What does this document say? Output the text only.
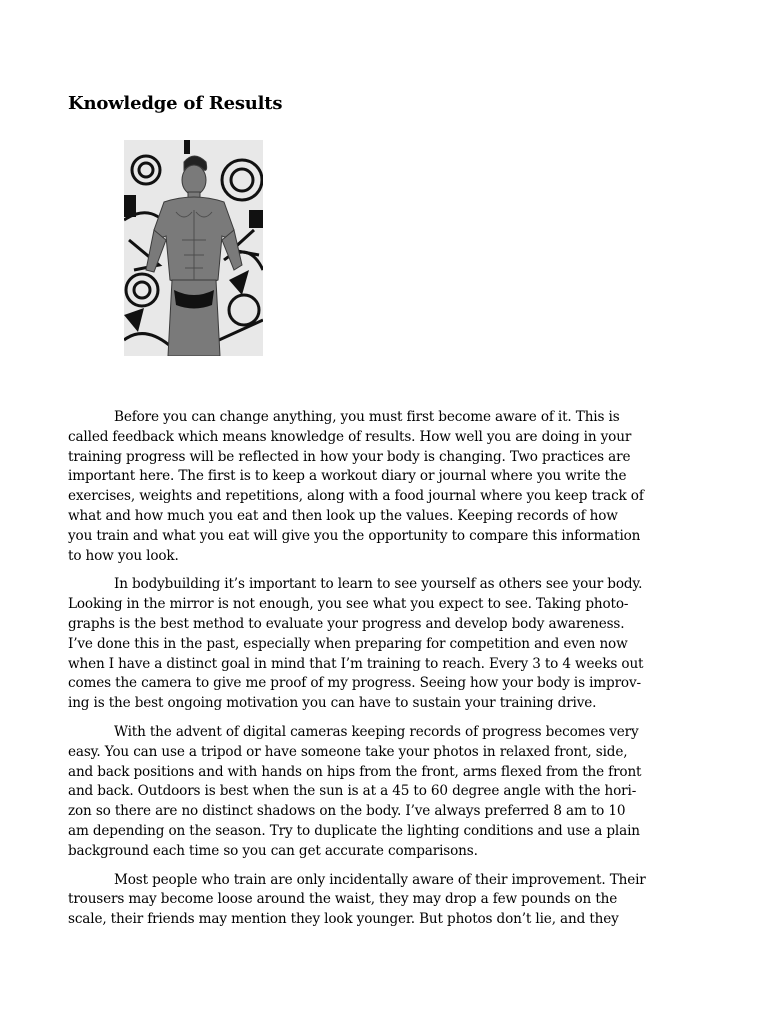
Knowledge of Results

Before you can change anything, you must first become aware of it. This is
called feedback which means knowledge of results. How well you are doing in your
training progress will be reflected in how your body is changing. Two practices are
important here. The first is to keep a workout diary or journal where you write the
exercises, weights and repetitions, along with a food journal where you keep track of
what and how much you eat and then look up the values. Keeping records of how
you train and what you eat will give you the opportunity to compare this information
to how you look.

In bodybuilding it’s important to learn to see yourself as others see your body.
Looking in the mirror is not enough, you see what you expect to see. Taking photo-
graphs is the best method to evaluate your progress and develop body awareness.
I’ve done this in the past, especially when preparing for competition and even now
when I have a distinct goal in mind that I’m training to reach. Every 3 to 4 weeks out
comes the camera to give me proof of my progress. Seeing how your body is improv-
ing is the best ongoing motivation you can have to sustain your training drive.

With the advent of digital cameras keeping records of progress becomes very
easy. You can use a tripod or have someone take your photos in relaxed front, side,
and back positions and with hands on hips from the front, arms flexed from the front
and back. Outdoors is best when the sun is at a 45 to 60 degree angle with the hori-
zon so there are no distinct shadows on the body. I’ve always preferred 8 am to 10
am depending on the season. Try to duplicate the lighting conditions and use a plain
background each time so you can get accurate comparisons.

Most people who train are only incidentally aware of their improvement. Their
trousers may become loose around the waist, they may drop a few pounds on the
scale, their friends may mention they look younger. But photos don’t lie, and they
